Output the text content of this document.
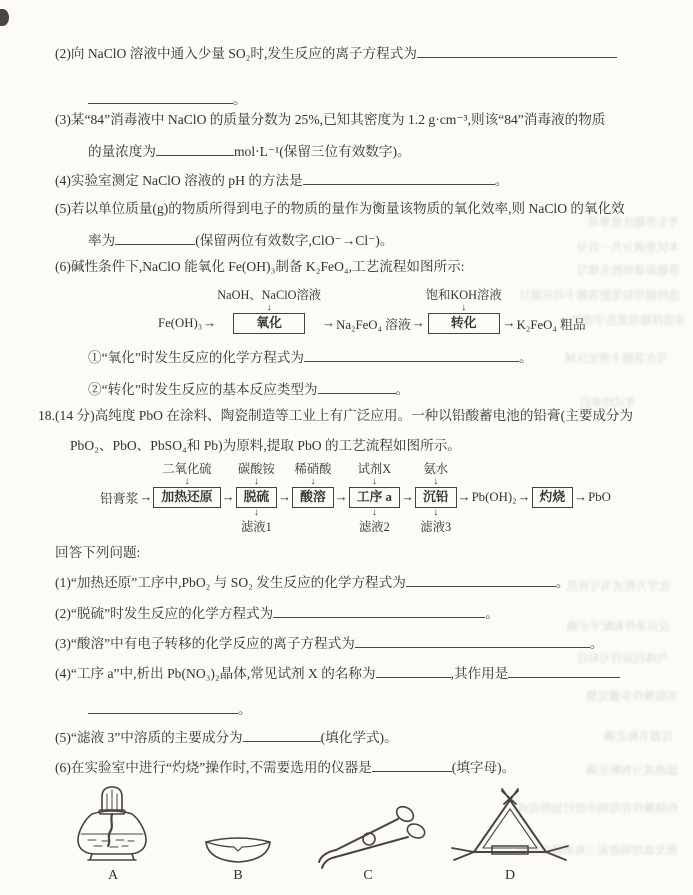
(2)向 NaClO 溶液中通入少量 SO₂时,发生反应的离子方程式为
。
(3)某“84”消毒液中 NaClO 的质量分数为 25%,已知其密度为 1.2 g·cm⁻³,则该“84”消毒液的物质
的量浓度为	mol·L⁻¹(保留三位有效数字)。
(4)实验室测定 NaClO 溶液的 pH 的方法是	。
(5)若以单位质量(g)的物质所得到电子的物质的量作为衡量该物质的氧化效率,则 NaClO 的氧化效
率为	(保留两位有效数字,ClO⁻→Cl⁻)。
(6)碱性条件下,NaClO 能氧化 Fe(OH)₃制备 K₂FeO₄,工艺流程如图所示:
①“氧化”时发生反应的化学方程式为	。
②“转化”时发生反应的基本反应类型为	。
18.(14 分)高纯度 PbO 在涂料、陶瓷制造等工业上有广泛应用。一种以铅酸蓄电池的铅膏(主要成分为
PbO₂、PbO、PbSO₄和 Pb)为原料,提取 PbO 的工艺流程如图所示。
回答下列问题:
(1)“加热还原”工序中,PbO₂ 与 SO₂ 发生反应的化学方程式为	。
(2)“脱硫”时发生反应的化学方程式为	。
(3)“酸溶”中有电子转移的化学反应的离子方程式为	。
(4)“工序 a”中,析出 Pb(NO₃)₂晶体,常见试剂 X 的名称为	,其作用是
。
(5)“滤液 3”中溶质的主要成分为	(填化学式)。
(6)在实验室中进行“灼烧”操作时,不需要选用的仪器是	(填字母)。
Fe(OH)₃ →
NaOH、NaClO溶液
↓
氧化	→ Na₂FeO₄ 溶液 →
饱和KOH溶液
↓
转化	→ K₂FeO₄ 粗品
铅膏浆 →
二氧化硫
↓
加热还原 →
碳酸铵
↓
脱硫
↓
滤液1
→
稀硝酸
↓
酸溶 →
试剂X
↓
工序 a
↓
滤液2
→
氨水
↓
沉铅
↓
滤液3
→ Pb(OH)₂ → 灼烧 → PbO
A	B	C	D
考生答题注意事项
本试卷满分共一百分
答题前请将姓名填写
选择题用铅笔把答题卡对应题目
非选择题用黑色字迹笔
写在答题卡规定区域
考试结束后
化学方程式书写规范
反应条件和配平正确
气体沉淀符号标注
实验操作步骤完整
仪器名称正确
滤液成分判断正确
灼烧操作在坩埚中进行加热完成
蒸发皿坩埚钳泥三角酒精灯使用
